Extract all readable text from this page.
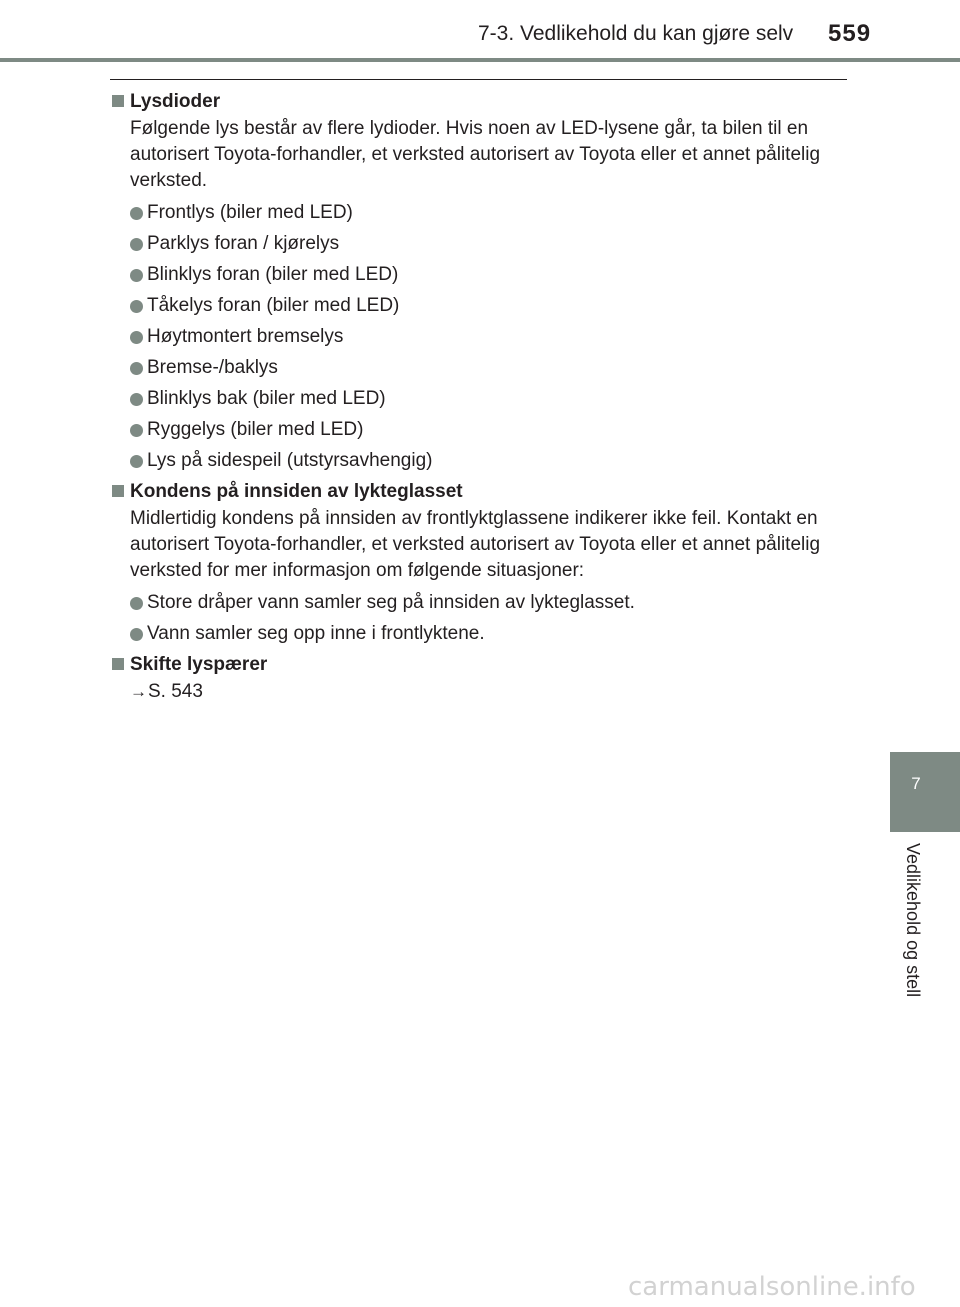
7-3. Vedlikehold du kan gjøre selv 559
7
Vedlikehold og stell

Lysdioder

Følgende lys består av flere lydioder. Hvis noen av LED-lysene går, ta bilen til en autorisert Toyota-forhandler, et verksted autorisert av Toyota eller et annet pålitelig verksted.

Frontlys (biler med LED)
Parklys foran / kjørelys
Blinklys foran (biler med LED)
Tåkelys foran (biler med LED)
Høytmontert bremselys
Bremse-/baklys
Blinklys bak (biler med LED)
Ryggelys (biler med LED)
Lys på sidespeil (utstyrsavhengig)

Kondens på innsiden av lykteglasset

Midlertidig kondens på innsiden av frontlyktglassene indikerer ikke feil. Kontakt en autorisert Toyota-forhandler, et verksted autorisert av Toyota eller et annet pålitelig verksted for mer informasjon om følgende situasjoner:

Store dråper vann samler seg på innsiden av lykteglasset.
Vann samler seg opp inne i frontlyktene.

Skifte lyspærer

→S. 543

carmanualsonline.info
